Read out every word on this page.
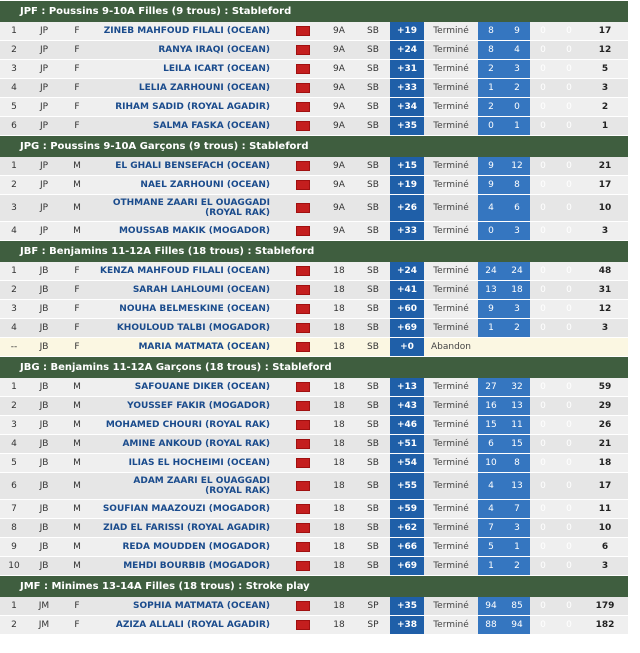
JPF : Poussins 9-10A Filles (9 trous) : Stableford													
1	JP	F	ZINEB MAHFOUD FILALI (OCEAN)		9A	SB	+19	Terminé	8	9	0	0	17
2	JP	F	RANYA IRAQI (OCEAN)		9A	SB	+24	Terminé	8	4	0	0	12
3	JP	F	LEILA ICART (OCEAN)		9A	SB	+31	Terminé	2	3	0	0	5
4	JP	F	LELIA ZARHOUNI (OCEAN)		9A	SB	+33	Terminé	1	2	0	0	3
5	JP	F	RIHAM SADID (ROYAL AGADIR)		9A	SB	+34	Terminé	2	0	0	0	2
6	JP	F	SALMA FASKA (OCEAN)		9A	SB	+35	Terminé	0	1	0	0	1
JPG : Poussins 9-10A Garçons (9 trous) : Stableford													
1	JP	M	EL GHALI BENSEFACH (OCEAN)		9A	SB	+15	Terminé	9	12	0	0	21
2	JP	M	NAEL ZARHOUNI (OCEAN)		9A	SB	+19	Terminé	9	8	0	0	17
3	JP	M	OTHMANE ZAARI EL OUAGGADI (ROYAL RAK)		9A	SB	+26	Terminé	4	6	0	0	10
4	JP	M	MOUSSAB MAKIK (MOGADOR)		9A	SB	+33	Terminé	0	3	0	0	3
JBF : Benjamins 11-12A Filles (18 trous) : Stableford													
1	JB	F	KENZA MAHFOUD FILALI (OCEAN)		18	SB	+24	Terminé	24	24	0	0	48
2	JB	F	SARAH LAHLOUMI (OCEAN)		18	SB	+41	Terminé	13	18	0	0	31
3	JB	F	NOUHA BELMESKINE (OCEAN)		18	SB	+60	Terminé	9	3	0	0	12
4	JB	F	KHOULOUD TALBI (MOGADOR)		18	SB	+69	Terminé	1	2	0	0	3
--	JB	F	MARIA MATMATA (OCEAN)		18	SB	+0	Abandon					
JBG : Benjamins 11-12A Garçons (18 trous) : Stableford													
1	JB	M	SAFOUANE DIKER (OCEAN)		18	SB	+13	Terminé	27	32	0	0	59
2	JB	M	YOUSSEF FAKIR (MOGADOR)		18	SB	+43	Terminé	16	13	0	0	29
3	JB	M	MOHAMED CHOURI (ROYAL RAK)		18	SB	+46	Terminé	15	11	0	0	26
4	JB	M	AMINE ANKOUD (ROYAL RAK)		18	SB	+51	Terminé	6	15	0	0	21
5	JB	M	ILIAS EL HOCHEIMI (OCEAN)		18	SB	+54	Terminé	10	8	0	0	18
6	JB	M	ADAM ZAARI EL OUAGGADI (ROYAL RAK)		18	SB	+55	Terminé	4	13	0	0	17
7	JB	M	SOUFIAN MAAZOUZI (MOGADOR)		18	SB	+59	Terminé	4	7	0	0	11
8	JB	M	ZIAD EL FARISSI (ROYAL AGADIR)		18	SB	+62	Terminé	7	3	0	0	10
9	JB	M	REDA MOUDDEN (MOGADOR)		18	SB	+66	Terminé	5	1	0	0	6
10	JB	M	MEHDI BOURBIB (MOGADOR)		18	SB	+69	Terminé	1	2	0	0	3
JMF : Minimes 13-14A Filles (18 trous) : Stroke play													
1	JM	F	SOPHIA MATMATA (OCEAN)		18	SP	+35	Terminé	94	85	0	0	179
2	JM	F	AZIZA ALLALI (ROYAL AGADIR)		18	SP	+38	Terminé	88	94	0	0	182
